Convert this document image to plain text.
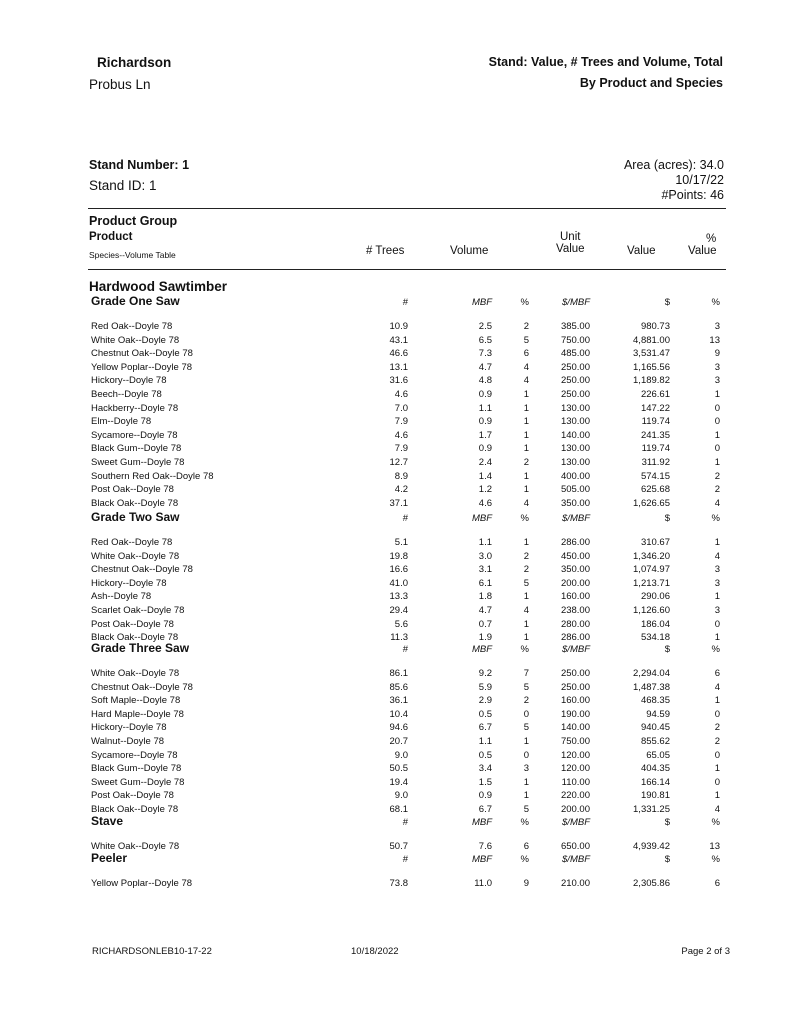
Richardson
Probus Ln
Stand: Value, # Trees and Volume, Total
By Product and Species
Stand Number: 1
Stand ID: 1
Area (acres): 34.0
10/17/22
#Points: 46
Product Group
Product
Species--Volume Table	# Trees	Volume
Unit
Value	Value
%
Value
Hardwood Sawtimber
Grade One Saw	#	MBF	%	$/MBF	$	%
Red Oak--Doyle 78	10.9	2.5	2	385.00	980.73	3
White Oak--Doyle 78	43.1	6.5	5	750.00	4,881.00	13
Chestnut Oak--Doyle 78	46.6	7.3	6	485.00	3,531.47	9
Yellow Poplar--Doyle 78	13.1	4.7	4	250.00	1,165.56	3
Hickory--Doyle 78	31.6	4.8	4	250.00	1,189.82	3
Beech--Doyle 78	4.6	0.9	1	250.00	226.61	1
Hackberry--Doyle 78	7.0	1.1	1	130.00	147.22	0
Elm--Doyle 78	7.9	0.9	1	130.00	119.74	0
Sycamore--Doyle 78	4.6	1.7	1	140.00	241.35	1
Black Gum--Doyle 78	7.9	0.9	1	130.00	119.74	0
Sweet Gum--Doyle 78	12.7	2.4	2	130.00	311.92	1
Southern Red Oak--Doyle 78	8.9	1.4	1	400.00	574.15	2
Post Oak--Doyle 78	4.2	1.2	1	505.00	625.68	2
Black Oak--Doyle 78	37.1	4.6	4	350.00	1,626.65	4
Grade Two Saw	#	MBF	%	$/MBF	$	%
Red Oak--Doyle 78	5.1	1.1	1	286.00	310.67	1
White Oak--Doyle 78	19.8	3.0	2	450.00	1,346.20	4
Chestnut Oak--Doyle 78	16.6	3.1	2	350.00	1,074.97	3
Hickory--Doyle 78	41.0	6.1	5	200.00	1,213.71	3
Ash--Doyle 78	13.3	1.8	1	160.00	290.06	1
Scarlet Oak--Doyle 78	29.4	4.7	4	238.00	1,126.60	3
Post Oak--Doyle 78	5.6	0.7	1	280.00	186.04	0
Black Oak--Doyle 78	11.3	1.9	1	286.00	534.18	1
Grade Three Saw	#	MBF	%	$/MBF	$	%
White Oak--Doyle 78	86.1	9.2	7	250.00	2,294.04	6
Chestnut Oak--Doyle 78	85.6	5.9	5	250.00	1,487.38	4
Soft Maple--Doyle 78	36.1	2.9	2	160.00	468.35	1
Hard Maple--Doyle 78	10.4	0.5	0	190.00	94.59	0
Hickory--Doyle 78	94.6	6.7	5	140.00	940.45	2
Walnut--Doyle 78	20.7	1.1	1	750.00	855.62	2
Sycamore--Doyle 78	9.0	0.5	0	120.00	65.05	0
Black Gum--Doyle 78	50.5	3.4	3	120.00	404.35	1
Sweet Gum--Doyle 78	19.4	1.5	1	110.00	166.14	0
Post Oak--Doyle 78	9.0	0.9	1	220.00	190.81	1
Black Oak--Doyle 78	68.1	6.7	5	200.00	1,331.25	4
Stave	#	MBF	%	$/MBF	$	%
White Oak--Doyle 78	50.7	7.6	6	650.00	4,939.42	13
Peeler	#	MBF	%	$/MBF	$	%
Yellow Poplar--Doyle 78	73.8	11.0	9	210.00	2,305.86	6
RICHARDSONLEB10-17-22	10/18/2022	Page 2 of 3
